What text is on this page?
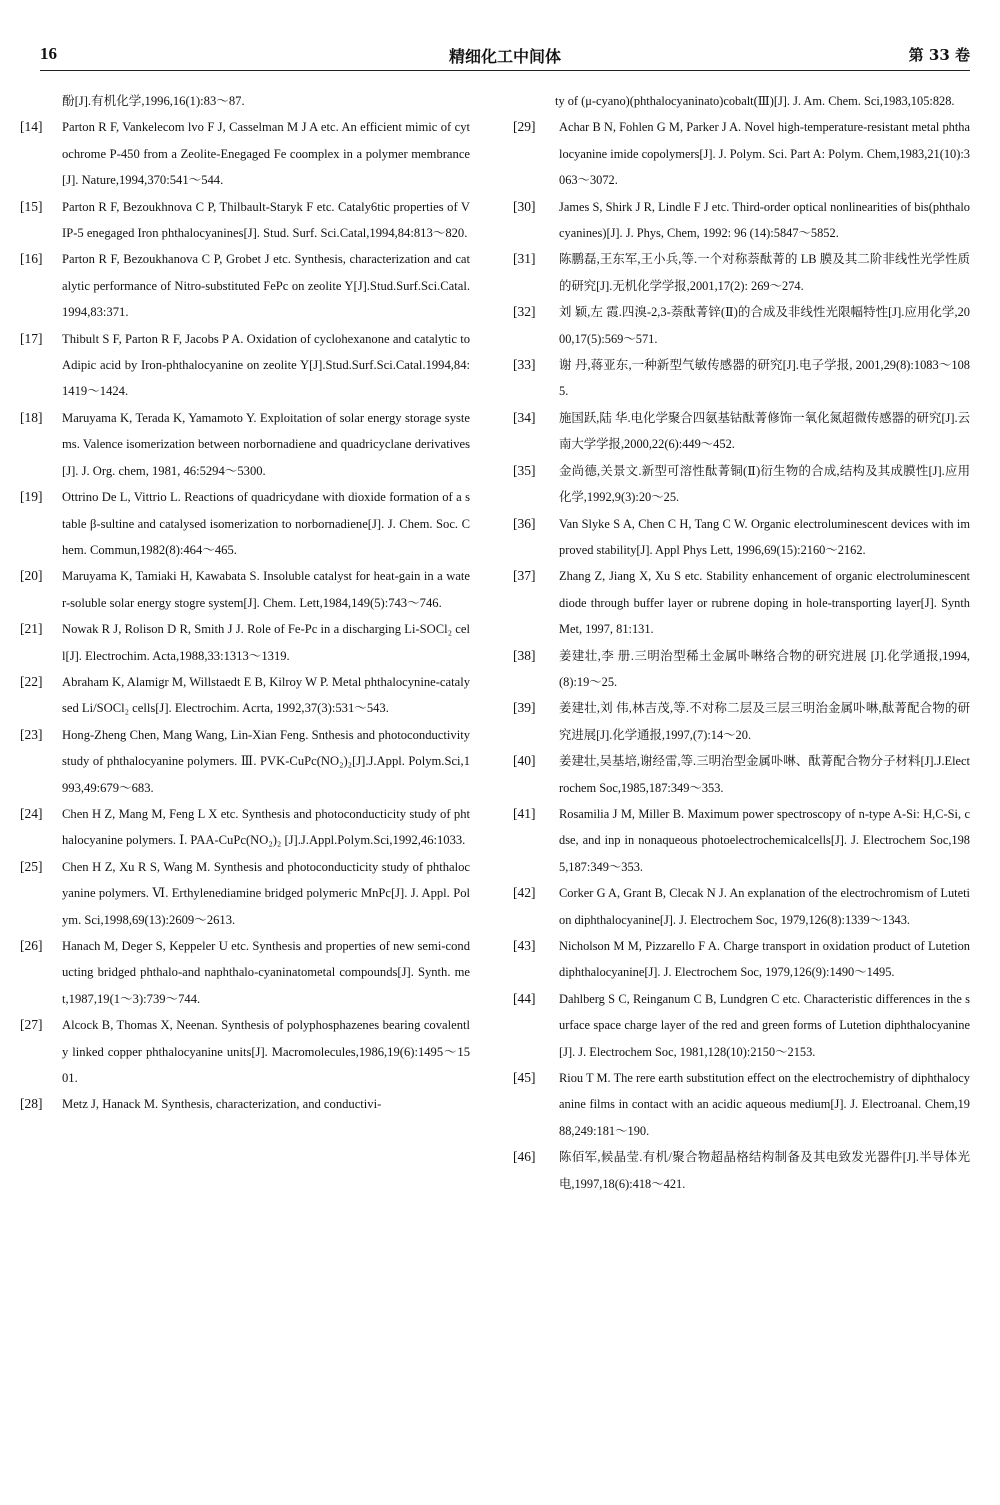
16	精细化工中间体	第 33 卷
酚[J].有机化学,1996,16(1):83～87.
[14]	Parton R F, Vankelecom lvo F J, Casselman M J A etc. An efficient mimic of cytochrome P-450 from a Zeolite-Enegaged Fe coomplex in a polymer membrance[J]. Nature,1994,370:541～544.
[15]	Parton R F, Bezoukhnova C P, Thilbault-Staryk F etc. Cataly6tic properties of VIP-5 enegaged Iron phthalocyanines[J]. Stud. Surf. Sci.Catal,1994,84:813～820.
[16]	Parton R F, Bezoukhanova C P, Grobet J etc. Synthesis, characterization and catalytic performance of Nitro-substituted FePc on zeolite Y[J].Stud.Surf.Sci.Catal.1994,83:371.
[17]	Thibult S F, Parton R F, Jacobs P A. Oxidation of cyclohexanone and catalytic to Adipic acid by Iron-phthalocyanine on zeolite Y[J].Stud.Surf.Sci.Catal.1994,84:1419～1424.
[18]	Maruyama K, Terada K, Yamamoto Y. Exploitation of solar energy storage systems. Valence isomerization between norbornadiene and quadricyclane derivatives[J]. J. Org. chem, 1981, 46:5294～5300.
[19]	Ottrino De L, Vittrio L. Reactions of quadricydane with dioxide formation of a stable β-sultine and catalysed isomerization to norbornadiene[J]. J. Chem. Soc. Chem. Commun,1982(8):464～465.
[20]	Maruyama K, Tamiaki H, Kawabata S. Insoluble catalyst for heat-gain in a water-soluble solar energy stogre system[J]. Chem. Lett,1984,149(5):743～746.
[21]	Nowak R J, Rolison D R, Smith J J. Role of Fe-Pc in a discharging Li-SOCl₂ cell[J]. Electrochim. Acta,1988,33:1313～1319.
[22]	Abraham K, Alamigr M, Willstaedt E B, Kilroy W P. Metal phthalocynine-catalysed Li/SOCl₂ cells[J]. Electrochim. Acrta, 1992,37(3):531～543.
[23]	Hong-Zheng Chen, Mang Wang, Lin-Xian Feng. Snthesis and photoconductivity study of phthalocyanine polymers. Ⅲ. PVK-CuPc(NO₂)₂[J].J.Appl. Polym.Sci,1993,49:679～683.
[24]	Chen H Z, Mang M, Feng L X etc. Synthesis and photoconducticity study of phthalocyanine polymers. Ⅰ. PAA-CuPc(NO₂)₂ [J].J.Appl.Polym.Sci,1992,46:1033.
[25]	Chen H Z, Xu R S, Wang M. Synthesis and photoconducticity study of phthalocyanine polymers. Ⅵ. Erthylenediamine bridged polymeric MnPc[J]. J. Appl. Polym. Sci,1998,69(13):2609～2613.
[26]	Hanach M, Deger S, Keppeler U etc. Synthesis and properties of new semi-conducting bridged phthalo-and naphthalo-cyaninatometal compounds[J]. Synth. met,1987,19(1～3):739～744.
[27]	Alcock B, Thomas X, Neenan. Synthesis of polyphosphazenes bearing covalently linked copper phthalocyanine units[J]. Macromolecules,1986,19(6):1495～1501.
[28]	Metz J, Hanack M. Synthesis, characterization, and conductivi-
ty of (μ-cyano)(phthalocyaninato)cobalt(Ⅲ)[J]. J. Am. Chem. Sci,1983,105:828.
[29]	Achar B N, Fohlen G M, Parker J A. Novel high-temperature-resistant metal phthalocyanine imide copolymers[J]. J. Polym. Sci. Part A: Polym. Chem,1983,21(10):3063～3072.
[30]	James S, Shirk J R, Lindle F J etc. Third-order optical nonlinearities of bis(phthalocyanines)[J]. J. Phys, Chem, 1992: 96 (14):5847～5852.
[31]	陈鹏磊,王东军,王小兵,等.一个对称萘酞菁的 LB 膜及其二阶非线性光学性质的研究[J].无机化学学报,2001,17(2): 269～274.
[32]	刘 颖,左 霞.四溴-2,3-萘酞菁锌(Ⅱ)的合成及非线性光限幅特性[J].应用化学,2000,17(5):569～571.
[33]	谢 丹,蒋亚东,一种新型气敏传感器的研究[J].电子学报, 2001,29(8):1083～1085.
[34]	施国跃,陆 华.电化学聚合四氨基钴酞菁修饰一氧化氮超微传感器的研究[J].云南大学学报,2000,22(6):449～452.
[35]	金尚德,关景文.新型可溶性酞菁铜(Ⅱ)衍生物的合成,结构及其成膜性[J].应用化学,1992,9(3):20～25.
[36]	Van Slyke S A, Chen C H, Tang C W. Organic electroluminescent devices with improved stability[J]. Appl Phys Lett, 1996,69(15):2160～2162.
[37]	Zhang Z, Jiang X, Xu S etc. Stability enhancement of organic electroluminescent diode through buffer layer or rubrene doping in hole-transporting layer[J]. Synth Met, 1997, 81:131.
[38]	姜建壮,李 册.三明治型稀土金属卟啉络合物的研究进展 [J].化学通报,1994,(8):19～25.
[39]	姜建壮,刘 伟,林吉茂,等.不对称二层及三层三明治金属卟啉,酞菁配合物的研究进展[J].化学通报,1997,(7):14～20.
[40]	姜建壮,吴基培,谢经雷,等.三明治型金属卟啉、酞菁配合物分子材料[J].J.Electrochem Soc,1985,187:349～353.
[41]	Rosamilia J M, Miller B. Maximum power spectroscopy of n-type A-Si: H,C-Si, cdse, and inp in nonaqueous photoelectrochemicalcells[J]. J. Electrochem Soc,1985,187:349～353.
[42]	Corker G A, Grant B, Clecak N J. An explanation of the electrochromism of Lutetion diphthalocyanine[J]. J. Electrochem Soc, 1979,126(8):1339～1343.
[43]	Nicholson M M, Pizzarello F A. Charge transport in oxidation product of Lutetion diphthalocyanine[J]. J. Electrochem Soc, 1979,126(9):1490～1495.
[44]	Dahlberg S C, Reinganum C B, Lundgren C etc. Characteristic differences in the surface space charge layer of the red and green forms of Lutetion diphthalocyanine[J]. J. Electrochem Soc, 1981,128(10):2150～2153.
[45]	Riou T M. The rere earth substitution effect on the electrochemistry of diphthalocyanine films in contact with an acidic aqueous medium[J]. J. Electroanal. Chem,1988,249:181～190.
[46]	陈佰军,候晶莹.有机/聚合物超晶格结构制备及其电致发光器件[J].半导体光电,1997,18(6):418～421.
